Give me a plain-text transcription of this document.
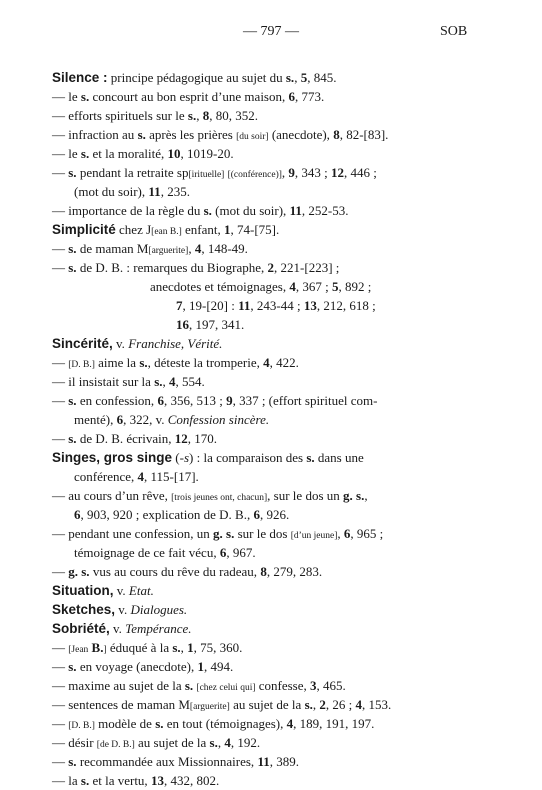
— 797 —	SOB
Silence : principe pédagogique au sujet du s., 5, 845.
— le s. concourt au bon esprit d’une maison, 6, 773.
— efforts spirituels sur le s., 8, 80, 352.
— infraction au s. après les prières [du soir] (anecdote), 8, 82-[83].
— le s. et la moralité, 10, 1019-20.
— s. pendant la retraite sp[irituelle] [(conférence)], 9, 343 ; 12, 446 ;
(mot du soir), 11, 235.
— importance de la règle du s. (mot du soir), 11, 252-53.
Simplicité chez J[ean B.] enfant, 1, 74-[75].
— s. de maman M[arguerite], 4, 148-49.
— s. de D. B. : remarques du Biographe, 2, 221-[223] ;
anecdotes et témoignages, 4, 367 ; 5, 892 ;
7, 19-[20] : 11, 243-44 ; 13, 212, 618 ;
16, 197, 341.
Sincérité, v. Franchise, Vérité.
— [D. B.] aime la s., déteste la tromperie, 4, 422.
— il insistait sur la s., 4, 554.
— s. en confession, 6, 356, 513 ; 9, 337 ; (effort spirituel com-
menté), 6, 322, v. Confession sincère.
— s. de D. B. écrivain, 12, 170.
Singes, gros singe (-s) : la comparaison des s. dans une
conférence, 4, 115-[17].
— au cours d’un rêve, [trois jeunes ont, chacun], sur le dos un g. s.,
6, 903, 920 ; explication de D. B., 6, 926.
— pendant une confession, un g. s. sur le dos [d’un jeune], 6, 965 ;
témoignage de ce fait vécu, 6, 967.
— g. s. vus au cours du rêve du radeau, 8, 279, 283.
Situation, v. Etat.
Sketches, v. Dialogues.
Sobriété, v. Tempérance.
— [Jean B.] éduqué à la s., 1, 75, 360.
— s. en voyage (anecdote), 1, 494.
— maxime au sujet de la s. [chez celui qui] confesse, 3, 465.
— sentences de maman M[arguerite] au sujet de la s., 2, 26 ; 4, 153.
— [D. B.] modèle de s. en tout (témoignages), 4, 189, 191, 197.
— désir [de D. B.] au sujet de la s., 4, 192.
— s. recommandée aux Missionnaires, 11, 389.
— la s. et la vertu, 13, 432, 802.
